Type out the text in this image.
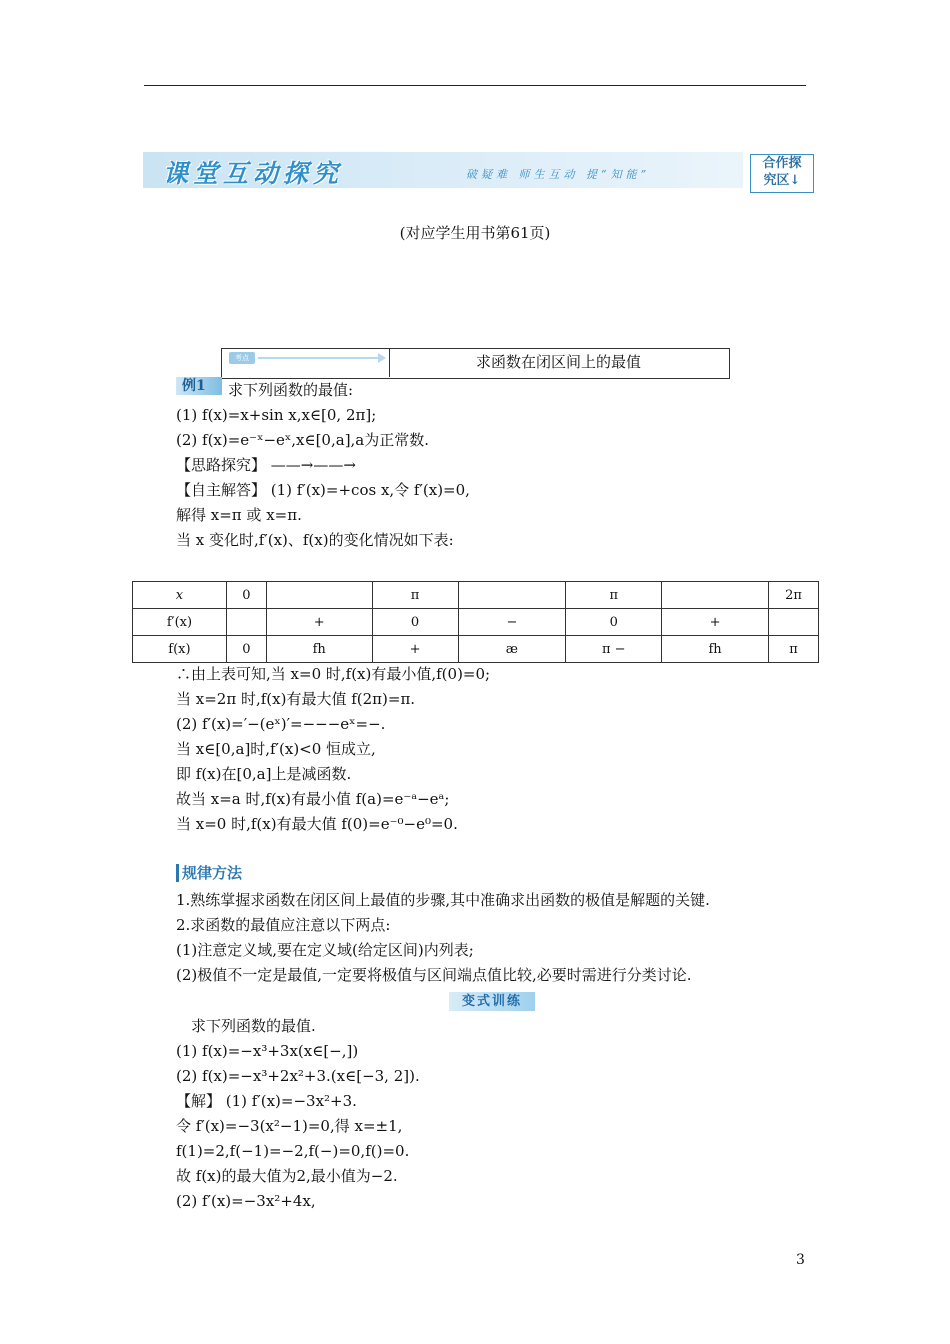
课堂互动探究	破疑难 师生互动 提“知能”
合作探
究区↓
(对应学生用书第61页)
考点	求函数在闭区间上的最值
例1	求下列函数的最值:
(1) f(x)=x+sin x,x∈[0, 2π];
(2) f(x)=e⁻ˣ−eˣ,x∈[0,a],a为正常数.
【思路探究】 ——→——→
【自主解答】 (1) f′(x)=+cos x,令 f′(x)=0,
解得 x=π 或 x=π.
当 x 变化时,f′(x)、f(x)的变化情况如下表:
x	0		π		π		2π
f′(x)		+	0	−	0	+	
f(x)	0	fh	+	æ	π −	fh	π
∴由上表可知,当 x=0 时,f(x)有最小值,f(0)=0;
当 x=2π 时,f(x)有最大值 f(2π)=π.
(2) f′(x)=′−(eˣ)′=−−−eˣ=−.
当 x∈[0,a]时,f′(x)<0 恒成立,
即 f(x)在[0,a]上是减函数.
故当 x=a 时,f(x)有最小值 f(a)=e⁻ᵃ−eᵃ;
当 x=0 时,f(x)有最大值 f(0)=e⁻⁰−e⁰=0.
规律方法
1.熟练掌握求函数在闭区间上最值的步骤,其中准确求出函数的极值是解题的关键.
2.求函数的最值应注意以下两点:
(1)注意定义域,要在定义域(给定区间)内列表;
(2)极值不一定是最值,一定要将极值与区间端点值比较,必要时需进行分类讨论.
变式训练
求下列函数的最值.
(1) f(x)=−x³+3x(x∈[−,])
(2) f(x)=−x³+2x²+3.(x∈[−3, 2]).
【解】 (1) f′(x)=−3x²+3.
令 f′(x)=−3(x²−1)=0,得 x=±1,
f(1)=2,f(−1)=−2,f(−)=0,f()=0.
故 f(x)的最大值为2,最小值为−2.
(2) f′(x)=−3x²+4x,
3
